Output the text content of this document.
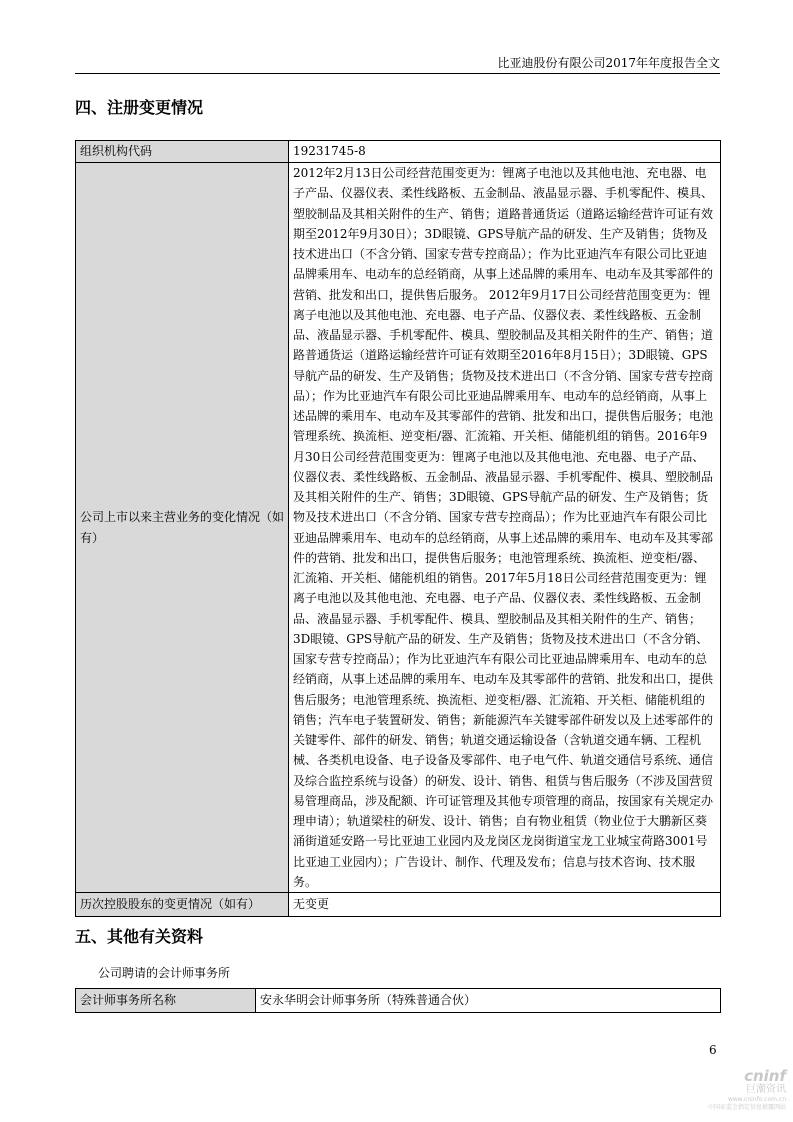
比亚迪股份有限公司2017年年度报告全文
四、注册变更情况
组织机构代码	19231745-8
公司上市以来主营业务的变化情况（如有）	2012年2月13日公司经营范围变更为：锂离子电池以及其他电池、充电器、电子产品、仪器仪表、柔性线路板、五金制品、液晶显示器、手机零配件、模具、塑胶制品及其相关附件的生产、销售；道路普通货运（道路运输经营许可证有效期至2012年9月30日）；3D眼镜、GPS导航产品的研发、生产及销售；货物及技术进出口（不含分销、国家专营专控商品）；作为比亚迪汽车有限公司比亚迪品牌乘用车、电动车的总经销商，从事上述品牌的乘用车、电动车及其零部件的营销、批发和出口，提供售后服务。 2012年9月17日公司经营范围变更为：锂离子电池以及其他电池、充电器、电子产品、仪器仪表、柔性线路板、五金制品、液晶显示器、手机零配件、模具、塑胶制品及其相关附件的生产、销售；道路普通货运（道路运输经营许可证有效期至2016年8月15日）；3D眼镜、GPS导航产品的研发、生产及销售；货物及技术进出口（不含分销、国家专营专控商品）；作为比亚迪汽车有限公司比亚迪品牌乘用车、电动车的总经销商，从事上述品牌的乘用车、电动车及其零部件的营销、批发和出口，提供售后服务；电池管理系统、换流柜、逆变柜/器、汇流箱、开关柜、储能机组的销售。2016年9月30日公司经营范围变更为：锂离子电池以及其他电池、充电器、电子产品、仪器仪表、柔性线路板、五金制品、液晶显示器、手机零配件、模具、塑胶制品及其相关附件的生产、销售；3D眼镜、GPS导航产品的研发、生产及销售；货物及技术进出口（不含分销、国家专营专控商品）；作为比亚迪汽车有限公司比亚迪品牌乘用车、电动车的总经销商，从事上述品牌的乘用车、电动车及其零部件的营销、批发和出口，提供售后服务；电池管理系统、换流柜、逆变柜/器、汇流箱、开关柜、储能机组的销售。2017年5月18日公司经营范围变更为：锂离子电池以及其他电池、充电器、电子产品、仪器仪表、柔性线路板、五金制品、液晶显示器、手机零配件、模具、塑胶制品及其相关附件的生产、销售；3D眼镜、GPS导航产品的研发、生产及销售；货物及技术进出口（不含分销、国家专营专控商品）；作为比亚迪汽车有限公司比亚迪品牌乘用车、电动车的总经销商，从事上述品牌的乘用车、电动车及其零部件的营销、批发和出口，提供售后服务；电池管理系统、换流柜、逆变柜/器、汇流箱、开关柜、储能机组的销售；汽车电子装置研发、销售；新能源汽车关键零部件研发以及上述零部件的关键零件、部件的研发、销售；轨道交通运输设备（含轨道交通车辆、工程机械、各类机电设备、电子设备及零部件、电子电气件、轨道交通信号系统、通信及综合监控系统与设备）的研发、设计、销售、租赁与售后服务（不涉及国营贸易管理商品，涉及配额、许可证管理及其他专项管理的商品，按国家有关规定办理申请）；轨道梁柱的研发、设计、销售；自有物业租赁（物业位于大鹏新区葵涌街道延安路一号比亚迪工业园内及龙岗区龙岗街道宝龙工业城宝荷路3001号比亚迪工业园内）；广告设计、制作、代理及发布；信息与技术咨询、技术服务。
历次控股股东的变更情况（如有）	无变更
五、其他有关资料
公司聘请的会计师事务所
会计师事务所名称	安永华明会计师事务所（特殊普通合伙）
6
cninf
巨潮资讯
www.cninfo.com.cn
中国证监会指定信息披露网站
